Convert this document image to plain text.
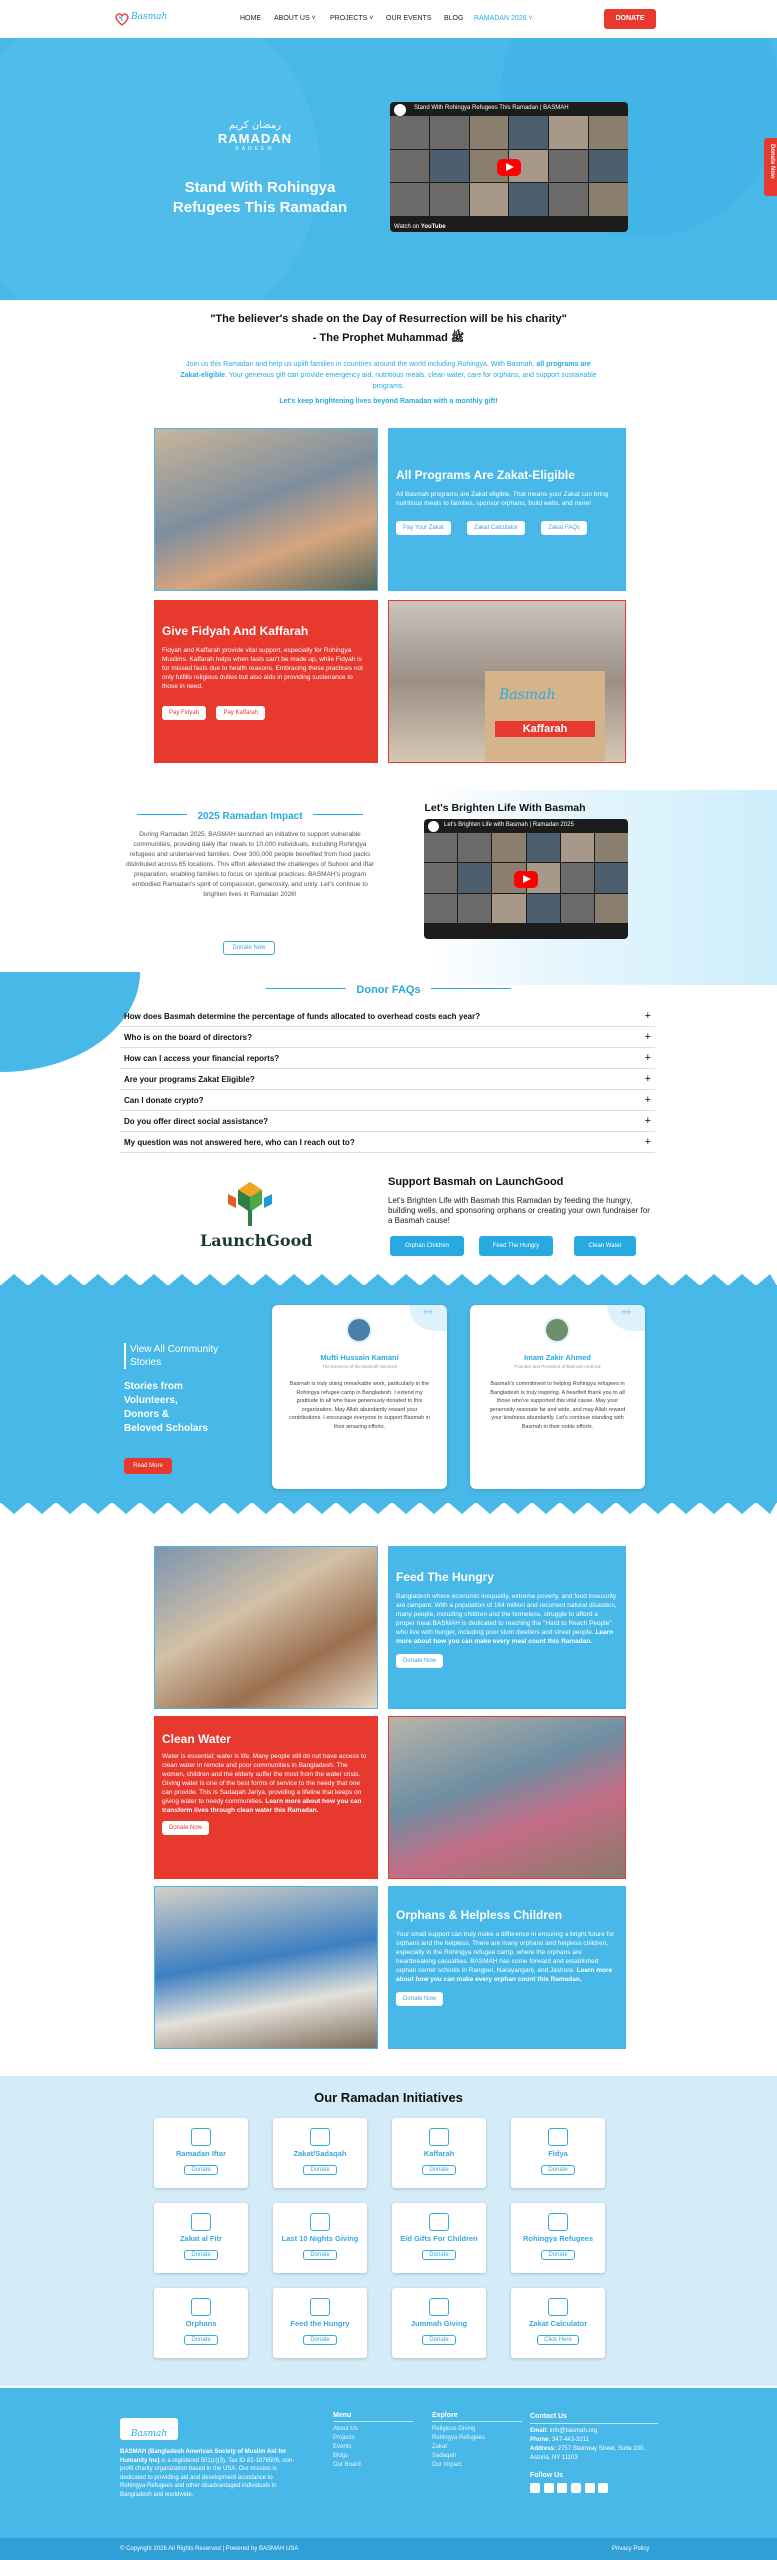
Basmah	HOME ABOUT US ˅ PROJECTS ˅ OUR EVENTS BLOG RAMADAN 2026 ˅	DONATE
رمضان كريم
RAMADAN
KAREEM
Stand With Rohingya Refugees This Ramadan
Stand With Rohingya Refugees This Ramadan | BASMAH
Watch on YouTube
Donate Now
"The believer's shade on the Day of Resurrection will be his charity"
- The Prophet Muhammad ﷺ
Join us this Ramadan and help us uplift families in countries around the world including Rohingya. With Basmah, all programs are Zakat-eligible. Your generous gift can provide emergency aid, nutritious meals, clean water, care for orphans, and support sustainable programs.
Let's keep brightening lives beyond Ramadan with a monthly gift!
All Programs Are Zakat-Eligible
All Basmah programs are Zakat eligible. That means your Zakat can bring nutritious meals to families, sponsor orphans, build wells, and more!
Pay Your Zakat	Zakat Calculator	Zakat FAQs
Give Fidyah And Kaffarah
Fidyah and Kaffarah provide vital support, especially for Rohingya Muslims. Kaffarah helps when fasts can't be made up, while Fidyah is for missed fasts due to health reasons. Embracing these practices not only fulfills religious duties but also aids in providing sustenance to those in need.
Pay Fidyah	Pay Kaffarah
Basmah
Kaffarah
2025 Ramadan Impact
During Ramadan 2025, BASMAH launched an initiative to support vulnerable communities, providing daily iftar meals to 10,000 individuals, including Rohingya refugees and underserved families. Over 300,000 people benefited from food packs distributed across 65 locations. This effort alleviated the challenges of Suhoor and iftar preparation, enabling families to focus on spiritual practices. BASMAH's program embodied Ramadan's spirit of compassion, generosity, and unity. Let's continue to brighten lives in Ramadan 2026!
Donate Now
Let's Brighten Life With Basmah
Let's Brighten Life with Basmah | Ramadan 2025
Donor FAQs
How does Basmah determine the percentage of funds allocated to overhead costs each year?	+
Who is on the board of directors?	+
How can I access your financial reports?	+
Are your programs Zakat Eligible?	+
Can I donate crypto?	+
Do you offer direct social assistance?	+
My question was not answered here, who can I reach out to?	+
LaunchGood
Support Basmah on LaunchGood
Let's Brighten Life with Basmah this Ramadan by feeding the hungry, building wells, and sponsoring orphans or creating your own fundraiser for a Basmah cause!
Orphan Children	Feed The Hungry	Clean Water
View All Community Stories
Stories from
Volunteers,
Donors &
Beloved Scholars
Read More
””
Mufti Hussain Kamani
The Essence of the Basmah Services
Basmah is truly doing remarkable work, particularly in the Rohingya refugee camp in Bangladesh. I extend my gratitude to all who have generously donated to this organization. May Allah abundantly reward your contributions. I encourage everyone to support Basmah in their amazing efforts.
””
Imam Zakir Ahmed
Founder and President of Basmah America
Basmah's commitment to helping Rohingya refugees in Bangladesh is truly inspiring. A heartfelt thank you to all those who've supported this vital cause. May your generosity resonate far and wide, and may Allah reward your kindness abundantly. Let's continue standing with Basmah in their noble efforts.
Feed The Hungry
Bangladesh where economic inequality, extreme poverty, and food insecurity are rampant. With a population of 164 million and recurrent natural disasters, many people, including children and the homeless, struggle to afford a proper meal.BASMAH is dedicated to reaching the "Hard to Reach People" who live with hunger, including poor slum dwellers and street people. Learn more about how you can make every meal count this Ramadan.
Donate Now
Clean Water
Water is essential; water is life. Many people still do not have access to clean water in remote and poor communities in Bangladesh. The women, children and the elderly suffer the most from the water crisis. Giving water is one of the best forms of service to the needy that one can provide. This is Sadaqah Jariya, providing a lifeline that keeps on giving water to needy communities. Learn more about how you can transform lives through clean water this Ramadan.
Donate Now
Orphans & Helpless Children
Your small support can truly make a difference in ensuring a bright future for orphans and the helpless. There are many orphans and helpless children, especially in the Rohingya refugee camp, where the orphans are heartbreaking casualties. BASMAH has come forward and established orphan center schools in Rangpur, Narayanganj, and Jashore. Learn more about how you can make every orphan count this Ramadan.
Donate Now
Our Ramadan Initiatives
Ramadan Iftar
Donate
Zakat/Sadaqah
Donate
Kaffarah
Donate
Fidya
Donate
Zakat al Fitr
Donate
Last 10 Nights Giving
Donate
Eid Gifts For Children
Donate
Rohingya Refugees
Donate
Orphans
Donate
Feed the Hungry
Donate
Jummah Giving
Donate
Zakat Calculator
Click Here
Basmah
BASMAH (Bangladesh American Society of Muslim Aid for Humanity Inc) is a registered 501(c)(3), Tax ID 82-1876506, non-profit charity organization based in the USA. Our mission is dedicated to providing aid and development assistance to Rohingya Refugees and other disadvantaged individuals in Bangladesh and worldwide.
Menu
About Us
Projects
Events
Blogs
Our Board
Explore
Religious Giving
Rohingya Refugees
Zakat
Sadaqah
Our Impact
Contact Us
Email: info@basmah.org
Phone: 347-443-3211
Address: 2757 Steinway Street, Suite 200, Astoria, NY 11103
Follow Us

© Copyright 2026 All Rights Reserved | Powered by BASMAH USA	Privacy Policy
